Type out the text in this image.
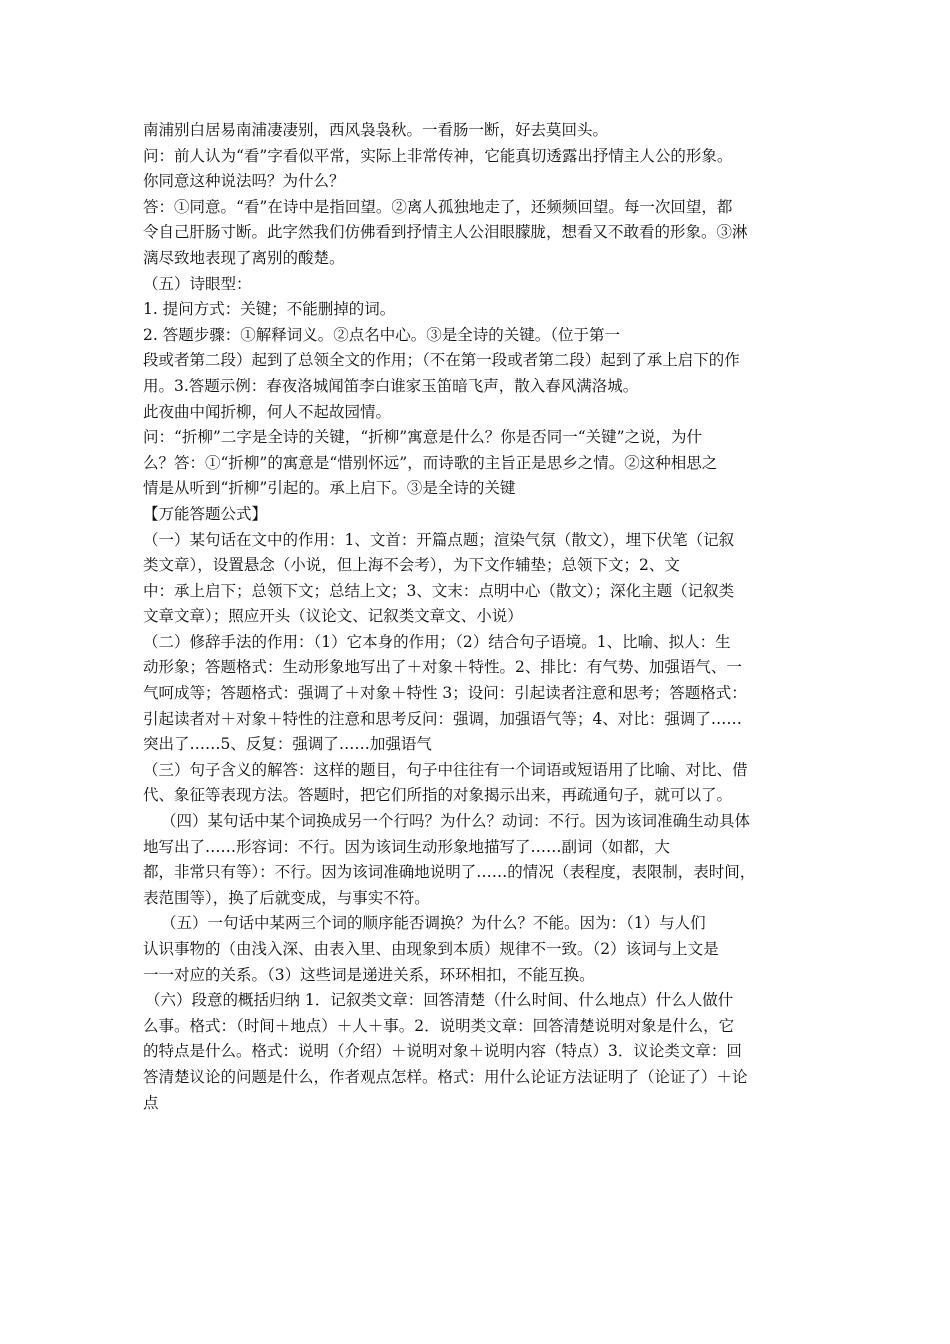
南浦别白居易南浦凄凄别，西风袅袅秋。一看肠一断，好去莫回头。
问：前人认为“看”字看似平常，实际上非常传神，它能真切透露出抒情主人公的形象。
你同意这种说法吗？为什么？
答：①同意。“看”在诗中是指回望。②离人孤独地走了，还频频回望。每一次回望，都
令自己肝肠寸断。此字然我们仿佛看到抒情主人公泪眼朦胧，想看又不敢看的形象。③淋
漓尽致地表现了离别的酸楚。
（五）诗眼型：
1. 提问方式：关键；不能删掉的词。
2. 答题步骤：①解释词义。②点名中心。③是全诗的关键。（位于第一
段或者第二段）起到了总领全文的作用；（不在第一段或者第二段）起到了承上启下的作
用。3.答题示例：春夜洛城闻笛李白谁家玉笛暗飞声，散入春风满洛城。
此夜曲中闻折柳，何人不起故园情。
问：“折柳”二字是全诗的关键，“折柳”寓意是什么？你是否同一“关键”之说，为什
么？答：①“折柳”的寓意是“惜别怀远”，而诗歌的主旨正是思乡之情。②这种相思之
情是从听到“折柳”引起的。承上启下。③是全诗的关键
【万能答题公式】
（一）某句话在文中的作用：1、文首：开篇点题；渲染气氛（散文），埋下伏笔（记叙
类文章），设置悬念（小说，但上海不会考），为下文作辅垫；总领下文；2、文
中：承上启下；总领下文；总结上文；3、文末：点明中心（散文）；深化主题（记叙类
文章文章）；照应开头（议论文、记叙类文章文、小说）
（二）修辞手法的作用：（1）它本身的作用；（2）结合句子语境。1、比喻、拟人：生
动形象；答题格式：生动形象地写出了＋对象＋特性。2、排比：有气势、加强语气、一
气呵成等；答题格式：强调了＋对象＋特性 3；设问：引起读者注意和思考；答题格式：
引起读者对＋对象＋特性的注意和思考反问：强调，加强语气等；4、对比：强调了……
突出了……5、反复：强调了……加强语气
（三）句子含义的解答：这样的题目，句子中往往有一个词语或短语用了比喻、对比、借
代、象征等表现方法。答题时，把它们所指的对象揭示出来，再疏通句子，就可以了。
（四）某句话中某个词换成另一个行吗？为什么？动词：不行。因为该词准确生动具体
地写出了……形容词：不行。因为该词生动形象地描写了……副词（如都，大
都，非常只有等）：不行。因为该词准确地说明了……的情况（表程度，表限制，表时间，
表范围等），换了后就变成，与事实不符。
（五）一句话中某两三个词的顺序能否调换？为什么？不能。因为：（1）与人们
认识事物的（由浅入深、由表入里、由现象到本质）规律不一致。（2）该词与上文是
一一对应的关系。（3）这些词是递进关系，环环相扣，不能互换。
（六）段意的概括归纳 1．记叙类文章：回答清楚（什么时间、什么地点）什么人做什
么事。格式：（时间＋地点）＋人＋事。2．说明类文章：回答清楚说明对象是什么，它
的特点是什么。格式：说明（介绍）＋说明对象＋说明内容（特点）3．议论类文章：回
答清楚议论的问题是什么，作者观点怎样。格式：用什么论证方法证明了（论证了）＋论
点
